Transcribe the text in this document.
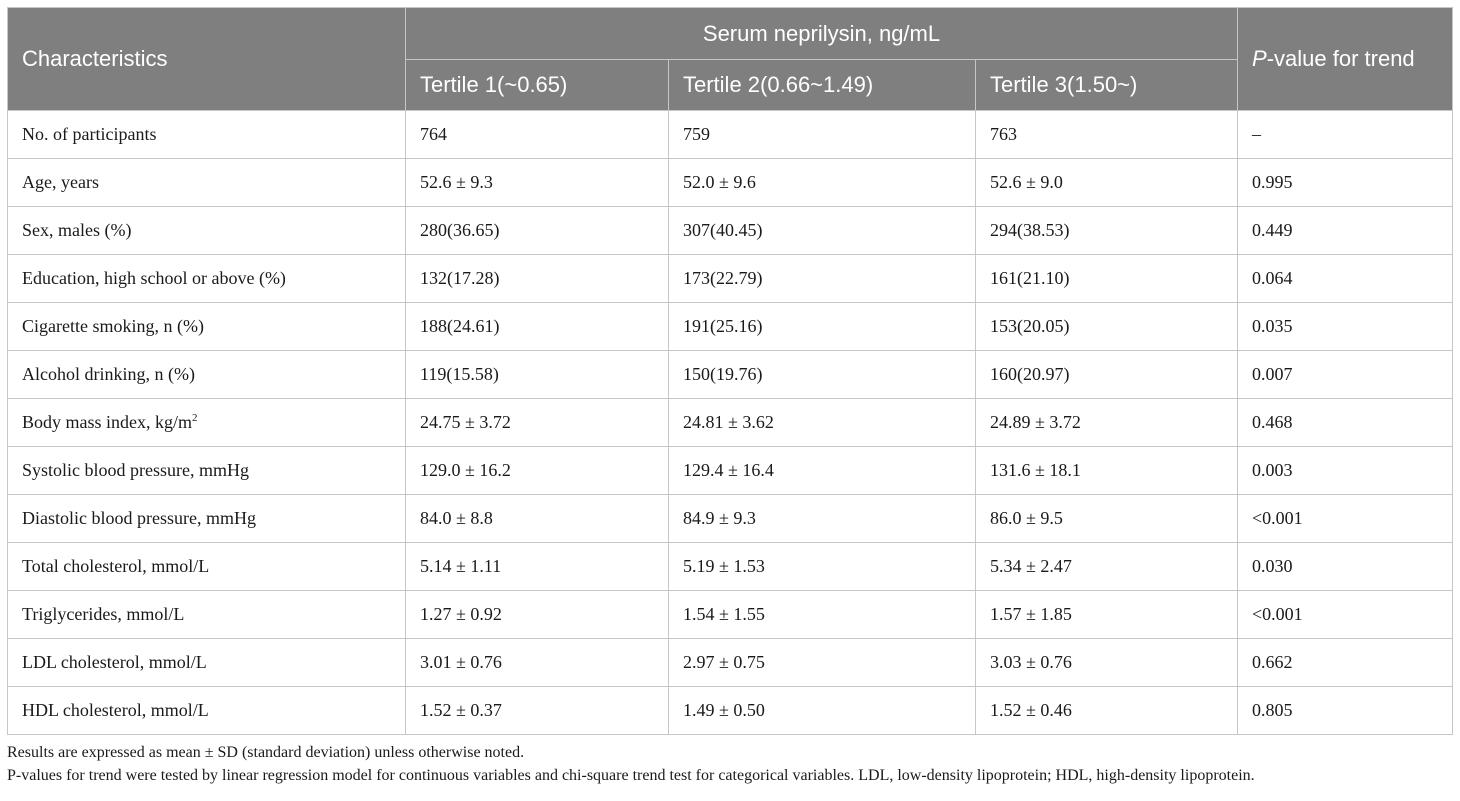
Characteristics	Serum neprilysin, ng/mL			P-value for trend
	Tertile 1(~0.65)	Tertile 2(0.66~1.49)	Tertile 3(1.50~)	
No. of participants	764	759	763	–
Age, years	52.6 ± 9.3	52.0 ± 9.6	52.6 ± 9.0	0.995
Sex, males (%)	280(36.65)	307(40.45)	294(38.53)	0.449
Education, high school or above (%)	132(17.28)	173(22.79)	161(21.10)	0.064
Cigarette smoking, n (%)	188(24.61)	191(25.16)	153(20.05)	0.035
Alcohol drinking, n (%)	119(15.58)	150(19.76)	160(20.97)	0.007
Body mass index, $kg/m^2$	24.75 ± 3.72	24.81 ± 3.62	24.89 ± 3.72	0.468
Systolic blood pressure, mmHg	129.0 ± 16.2	129.4 ± 16.4	131.6 ± 18.1	0.003
Diastolic blood pressure, mmHg	84.0 ± 8.8	84.9 ± 9.3	86.0 ± 9.5	<0.001
Total cholesterol, mmol/L	5.14 ± 1.11	5.19 ± 1.53	5.34 ± 2.47	0.030
Triglycerides, mmol/L	1.27 ± 0.92	1.54 ± 1.55	1.57 ± 1.85	<0.001
LDL cholesterol, mmol/L	3.01 ± 0.76	2.97 ± 0.75	3.03 ± 0.76	0.662
HDL cholesterol, mmol/L	1.52 ± 0.37	1.49 ± 0.50	1.52 ± 0.46	0.805
Results are expressed as mean ± SD (standard deviation) unless otherwise noted.
P-values for trend were tested by linear regression model for continuous variables and chi-square trend test for categorical variables. LDL, low-density lipoprotein; HDL, high-density lipoprotein.
